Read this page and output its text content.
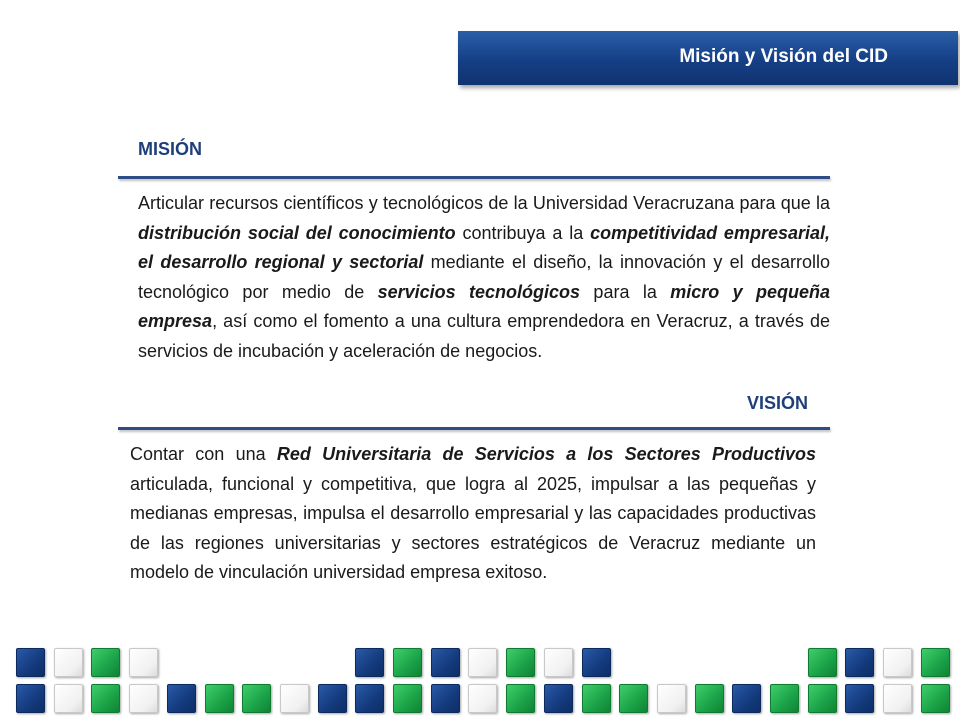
Misión y Visión del CID
MISIÓN

Articular recursos científicos y tecnológicos de la Universidad Veracruzana para que la distribución social del conocimiento contribuya a la competitividad empresarial, el desarrollo regional y sectorial mediante el diseño, la innovación y el desarrollo tecnológico por medio de servicios tecnológicos para la micro y pequeña empresa, así como el fomento a una cultura emprendedora en Veracruz, a través de servicios de incubación y aceleración de negocios.

VISIÓN

Contar con una Red Universitaria de Servicios a los Sectores Productivos articulada, funcional y competitiva, que logra al 2025, impulsar a las pequeñas y medianas empresas, impulsa el desarrollo empresarial y las capacidades productivas de las regiones universitarias y sectores estratégicos de Veracruz mediante un modelo de vinculación universidad empresa exitoso.
